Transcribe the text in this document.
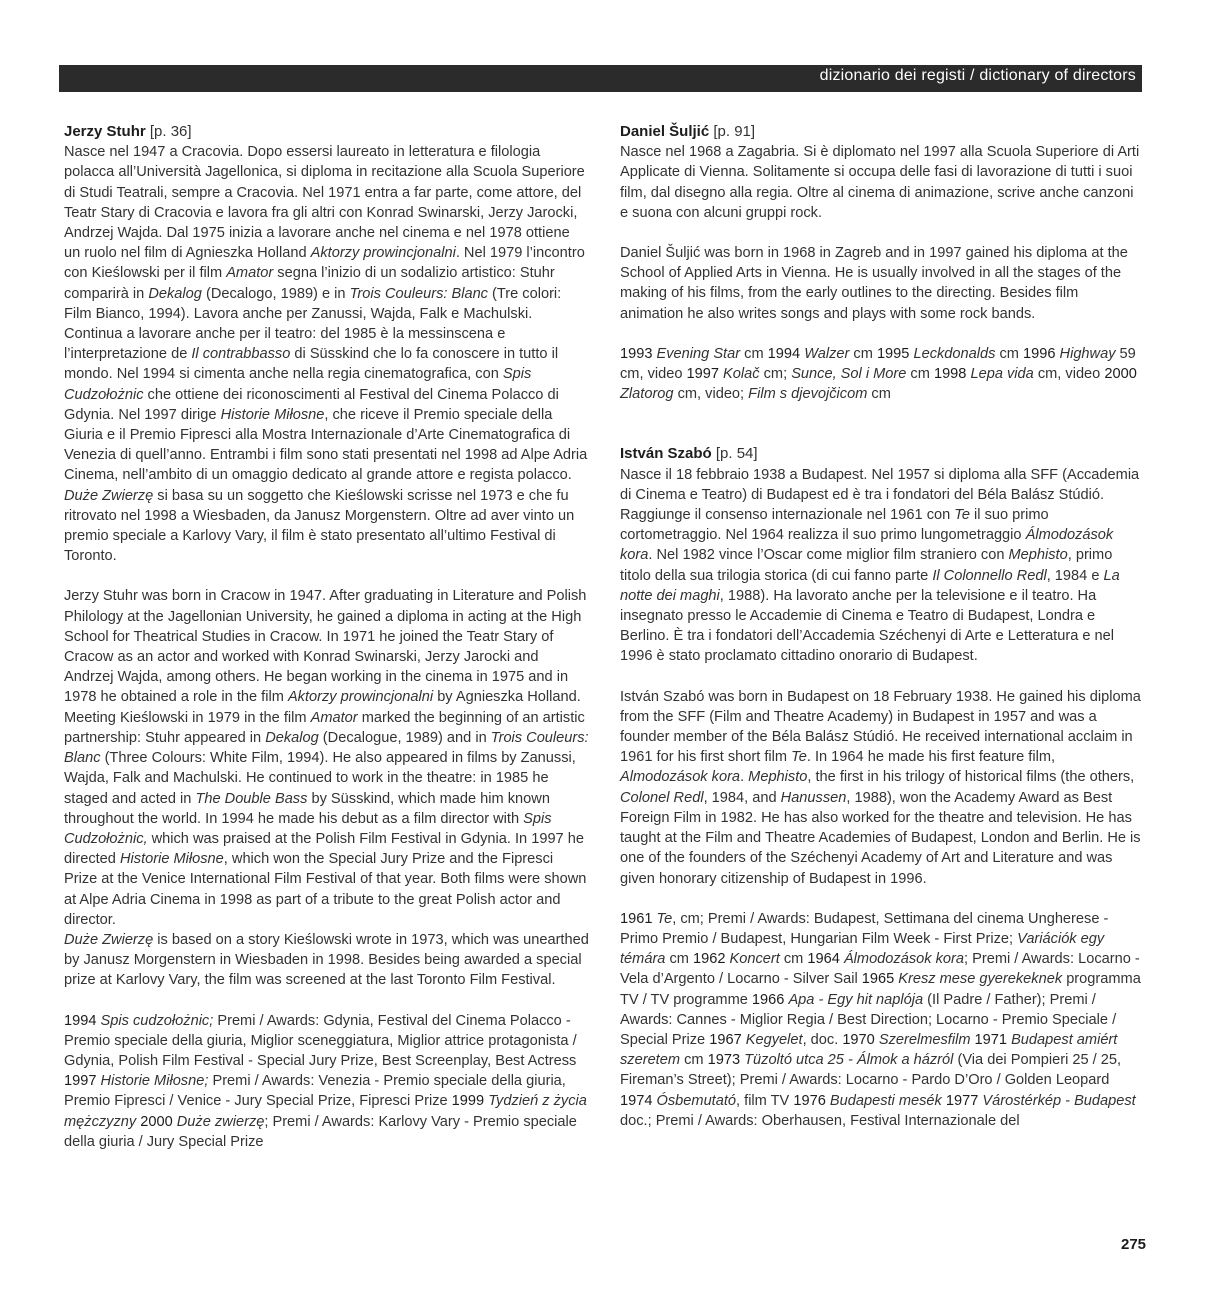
dizionario dei registi / dictionary of directors
Jerzy Stuhr [p. 36]

Nasce nel 1947 a Cracovia. Dopo essersi laureato in letteratura e filologia polacca all’Università Jagellonica, si diploma in recitazione alla Scuola Superiore di Studi Teatrali, sempre a Cracovia. Nel 1971 entra a far parte, come attore, del Teatr Stary di Cracovia e lavora fra gli altri con Konrad Swinarski, Jerzy Jarocki, Andrzej Wajda. Dal 1975 inizia a lavorare anche nel cinema e nel 1978 ottiene un ruolo nel film di Agnieszka Holland Aktorzy prowincjonalni. Nel 1979 l’incontro con Kieślowski per il film Amator segna l’inizio di un sodalizio artistico: Stuhr comparirà in Dekalog (Decalogo, 1989) e in Trois Couleurs: Blanc (Tre colori: Film Bianco, 1994). Lavora anche per Zanussi, Wajda, Falk e Machulski. Continua a lavorare anche per il teatro: del 1985 è la messinscena e l’interpretazione de Il contrabbasso di Süsskind che lo fa conoscere in tutto il mondo. Nel 1994 si cimenta anche nella regia cinematografica, con Spis Cudzołożnic che ottiene dei riconoscimenti al Festival del Cinema Polacco di Gdynia. Nel 1997 dirige Historie Miłosne, che riceve il Premio speciale della Giuria e il Premio Fipresci alla Mostra Internazionale d’Arte Cinematografica di Venezia di quell’anno. Entrambi i film sono stati presentati nel 1998 ad Alpe Adria Cinema, nell’ambito di un omaggio dedicato al grande attore e regista polacco. Duże Zwierzę si basa su un soggetto che Kieślowski scrisse nel 1973 e che fu ritrovato nel 1998 a Wiesbaden, da Janusz Morgenstern. Oltre ad aver vinto un premio speciale a Karlovy Vary, il film è stato presentato all’ultimo Festival di Toronto.

Jerzy Stuhr was born in Cracow in 1947. After graduating in Literature and Polish Philology at the Jagellonian University, he gained a diploma in acting at the High School for Theatrical Studies in Cracow. In 1971 he joined the Teatr Stary of Cracow as an actor and worked with Konrad Swinarski, Jerzy Jarocki and Andrzej Wajda, among others. He began working in the cinema in 1975 and in 1978 he obtained a role in the film Aktorzy prowincjonalni by Agnieszka Holland. Meeting Kieślowski in 1979 in the film Amator marked the beginning of an artistic partnership: Stuhr appeared in Dekalog (Decalogue, 1989) and in Trois Couleurs: Blanc (Three Colours: White Film, 1994). He also appeared in films by Zanussi, Wajda, Falk and Machulski. He continued to work in the theatre: in 1985 he staged and acted in The Double Bass by Süsskind, which made him known throughout the world. In 1994 he made his debut as a film director with Spis Cudzołożnic, which was praised at the Polish Film Festival in Gdynia. In 1997 he directed Historie Miłosne, which won the Special Jury Prize and the Fipresci Prize at the Venice International Film Festival of that year. Both films were shown at Alpe Adria Cinema in 1998 as part of a tribute to the great Polish actor and director.
Duże Zwierzę is based on a story Kieślowski wrote in 1973, which was unearthed by Janusz Morgenstern in Wiesbaden in 1998. Besides being awarded a special prize at Karlovy Vary, the film was screened at the last Toronto Film Festival.

1994 Spis cudzołożnic; Premi / Awards: Gdynia, Festival del Cinema Polacco - Premio speciale della giuria, Miglior sceneggiatura, Miglior attrice protagonista / Gdynia, Polish Film Festival - Special Jury Prize, Best Screenplay, Best Actress 1997 Historie Miłosne; Premi / Awards: Venezia - Premio speciale della giuria, Premio Fipresci / Venice - Jury Special Prize, Fipresci Prize 1999 Tydzień z życia mężczyzny 2000 Duże zwierzę; Premi / Awards: Karlovy Vary - Premio speciale della giuria / Jury Special Prize

Daniel Šuljić [p. 91]

Nasce nel 1968 a Zagabria. Si è diplomato nel 1997 alla Scuola Superiore di Arti Applicate di Vienna. Solitamente si occupa delle fasi di lavorazione di tutti i suoi film, dal disegno alla regia. Oltre al cinema di animazione, scrive anche canzoni e suona con alcuni gruppi rock.

Daniel Šuljić was born in 1968 in Zagreb and in 1997 gained his diploma at the School of Applied Arts in Vienna. He is usually involved in all the stages of the making of his films, from the early outlines to the directing. Besides film animation he also writes songs and plays with some rock bands.

1993 Evening Star cm 1994 Walzer cm 1995 Leckdonalds cm 1996 Highway 59 cm, video 1997 Kolač cm; Sunce, Sol i More cm 1998 Lepa vida cm, video 2000 Zlatorog cm, video; Film s djevojčicom cm

István Szabó [p. 54]

Nasce il 18 febbraio 1938 a Budapest. Nel 1957 si diploma alla SFF (Accademia di Cinema e Teatro) di Budapest ed è tra i fondatori del Béla Balász Stúdió. Raggiunge il consenso internazionale nel 1961 con Te il suo primo cortometraggio. Nel 1964 realizza il suo primo lungometraggio Álmodozások kora. Nel 1982 vince l’Oscar come miglior film straniero con Mephisto, primo titolo della sua trilogia storica (di cui fanno parte Il Colonnello Redl, 1984 e La notte dei maghi, 1988). Ha lavorato anche per la televisione e il teatro. Ha insegnato presso le Accademie di Cinema e Teatro di Budapest, Londra e Berlino. È tra i fondatori dell’Accademia Széchenyi di Arte e Letteratura e nel 1996 è stato proclamato cittadino onorario di Budapest.

István Szabó was born in Budapest on 18 February 1938. He gained his diploma from the SFF (Film and Theatre Academy) in Budapest in 1957 and was a founder member of the Béla Balász Stúdió. He received international acclaim in 1961 for his first short film Te. In 1964 he made his first feature film, Almodozások kora. Mephisto, the first in his trilogy of historical films (the others, Colonel Redl, 1984, and Hanussen, 1988), won the Academy Award as Best Foreign Film in 1982. He has also worked for the theatre and television. He has taught at the Film and Theatre Academies of Budapest, London and Berlin. He is one of the founders of the Széchenyi Academy of Art and Literature and was given honorary citizenship of Budapest in 1996.

1961 Te, cm; Premi / Awards: Budapest, Settimana del cinema Ungherese - Primo Premio / Budapest, Hungarian Film Week - First Prize; Variációk egy témára cm 1962 Koncert cm 1964 Álmodozások kora; Premi / Awards: Locarno - Vela d’Argento / Locarno - Silver Sail 1965 Kresz mese gyerekeknek programma TV / TV programme 1966 Apa - Egy hit naplója (Il Padre / Father); Premi / Awards: Cannes - Miglior Regia / Best Direction; Locarno - Premio Speciale / Special Prize 1967 Kegyelet, doc. 1970 Szerelmesfilm 1971 Budapest amiért szeretem cm 1973 Tüzoltó utca 25 - Álmok a házról (Via dei Pompieri 25 / 25, Fireman’s Street); Premi / Awards: Locarno - Pardo D’Oro / Golden Leopard 1974 Ósbemutató, film TV 1976 Budapesti mesék 1977 Várostérkép - Budapest doc.; Premi / Awards: Oberhausen, Festival Internazionale del

275
